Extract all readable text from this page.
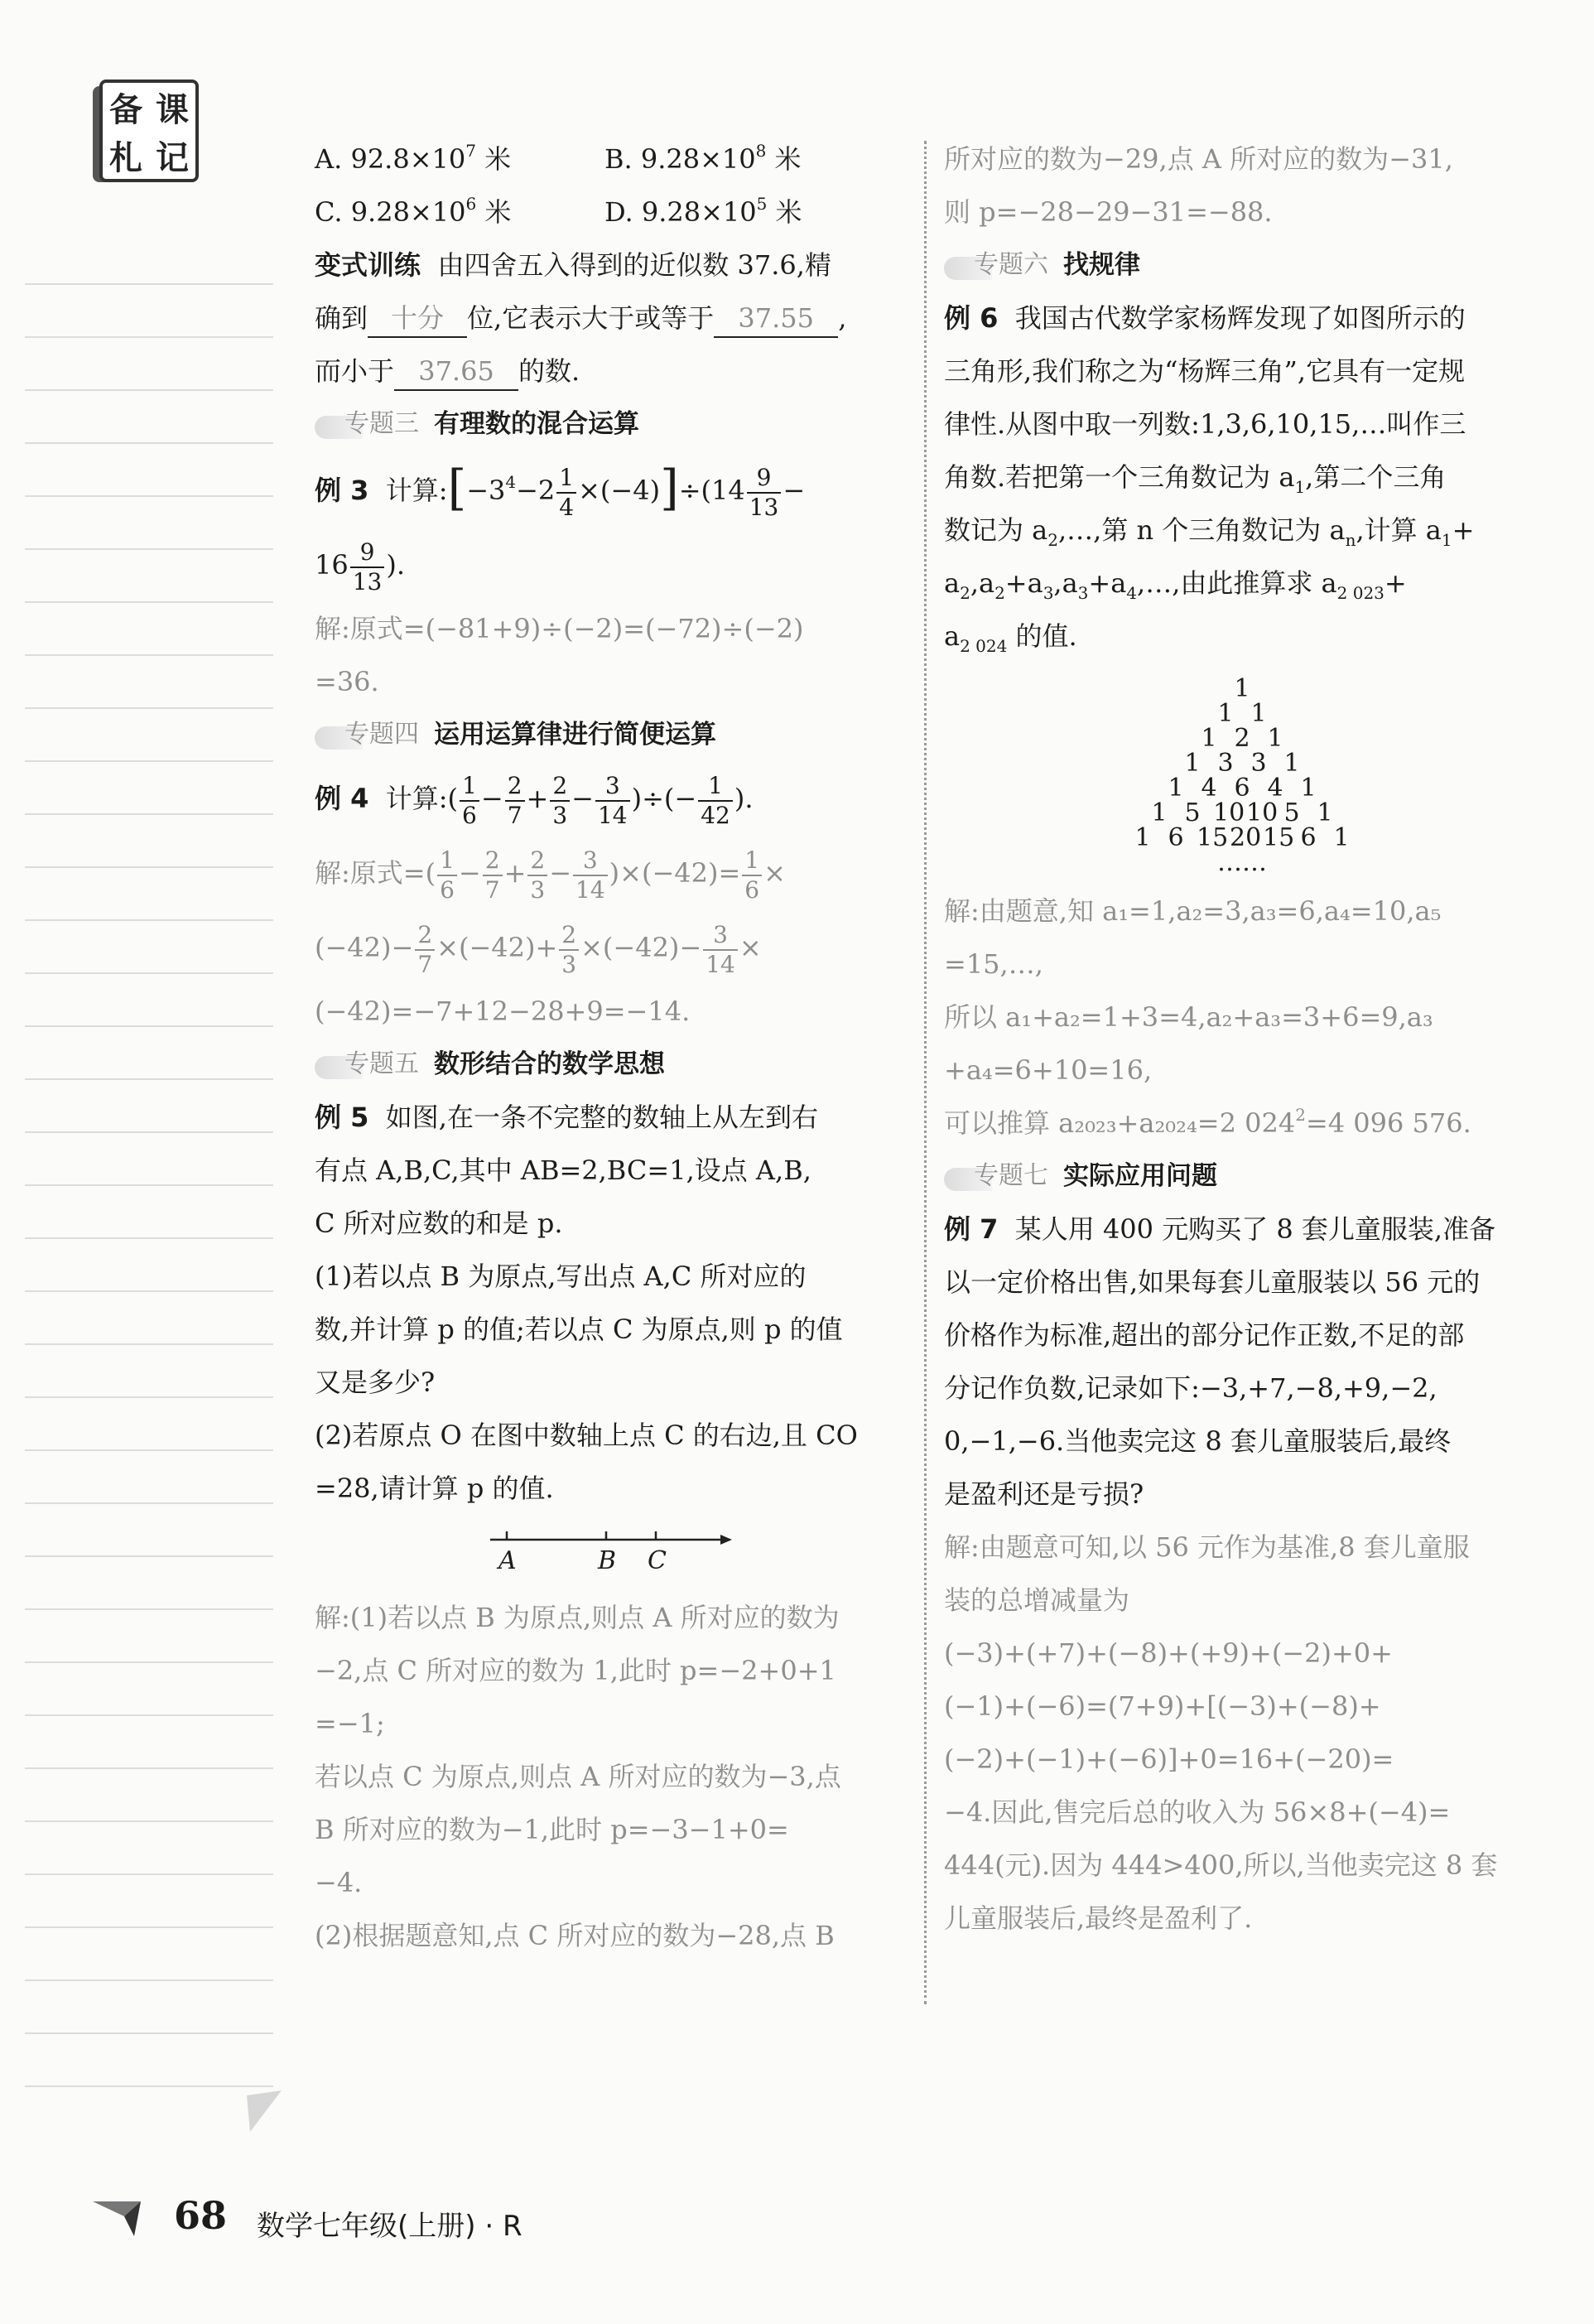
备 课
札 记	A. $92.8\times 10^7$ 米	B. $9.28\times 10^8$ 米
C. $9.28\times 10^6$ 米	D. $9.28\times 10^5$ 米
变式训练 由四舍五入得到的近似数 37.6,精
确到 十分 位,它表示大于或等于 37.55 ,
而小于 37.65 的数.
专题三 有理数的混合运算
例 3 计算$:[-3^4-2 \frac{1}{4} \times(-4)]\div(14 \frac{9}{13}$ −
$16 \frac{9}{13}$ ).
解:原式=(−81+9)÷(−2)=(−72)÷(−2)
=36.
专题四 运用运算律进行简便运算
例 4 计算:( $\frac{1}{6} - \frac{2}{7} + \frac{2}{3} - \frac{3}{14}$ )÷(− $\frac{1}{42}$ ).
解:原式=( $\frac{1}{6} - \frac{2}{7} + \frac{2}{3} - \frac{3}{14} )\times(-42)= \frac{1}{6}$ ×
$(-42)- \frac{2}{7} \times(-42)+ \frac{2}{3} \times(-42)- \frac{3}{14}$ ×
(−42)=−7+12−28+9=−14.
专题五 数形结合的数学思想
例 5 如图,在一条不完整的数轴上从左到右
有点 A,B,C,其中 AB=2,BC=1,设点 A,B,
C 所对应数的和是 p.
(1)若以点 B 为原点,写出点 A,C 所对应的
数,并计算 p 的值;若以点 C 为原点,则 p 的值
又是多少?
(2)若原点 O 在图中数轴上点 C 的右边,且 CO
=28,请计算 p 的值.
A	B C
解:(1)若以点 B 为原点,则点 A 所对应的数为
−2,点 C 所对应的数为 1,此时 p=−2+0+1
=−1;
若以点 C 为原点,则点 A 所对应的数为−3,点
B 所对应的数为−1,此时 p=−3−1+0=
−4.
(2)根据题意知,点 C 所对应的数为−28,点 B
所对应的数为−29,点 A 所对应的数为−31,
则 p=−28−29−31=−88.
专题六 找规律
例 6 我国古代数学家杨辉发现了如图所示的
三角形,我们称之为“杨辉三角”,它具有一定规
律性.从图中取一列数:1,3,6,10,15,…叫作三
角数.若把第一个三角数记为 $a_1$,第二个三角
数记为 $a_2,\dots$,第 n 个三角数记为 $a_n$,计算 $a_1+$
$a_2,a_2+a_3,a_3+a_4,\dots$,由此推算求 $a_{2 023}+$
$a_{2 024}$ 的值.
1
1 1
1 2 1
1 3 3 1
1 4 6 4 1
1 5 10 10 5 1
1 6 15 20 15 6 1
……
解:由题意,知 a₁=1,a₂=3,a₃=6,a₄=10,a₅
=15,…,
所以 a₁+a₂=1+3=4,a₂+a₃=3+6=9,a₃
+a₄=6+10=16,
可以推算 a₂₀₂₃+a₂₀₂₄=2 $024^2=4$ 096 576.
专题七 实际应用问题
例 7 某人用 400 元购买了 8 套儿童服装,准备
以一定价格出售,如果每套儿童服装以 56 元的
价格作为标准,超出的部分记作正数,不足的部
分记作负数,记录如下:−3,+7,−8,+9,−2,
0,−1,−6.当他卖完这 8 套儿童服装后,最终
是盈利还是亏损?
解:由题意可知,以 56 元作为基准,8 套儿童服
装的总增减量为
(−3)+(+7)+(−8)+(+9)+(−2)+0+
(−1)+(−6)=(7+9)+[(−3)+(−8)+
(−2)+(−1)+(−6)]+0=16+(−20)=
−4.因此,售完后总的收入为 56×8+(−4)=
444(元).因为 444>400,所以,当他卖完这 8 套
儿童服装后,最终是盈利了.
68 数学七年级(上册) · R
